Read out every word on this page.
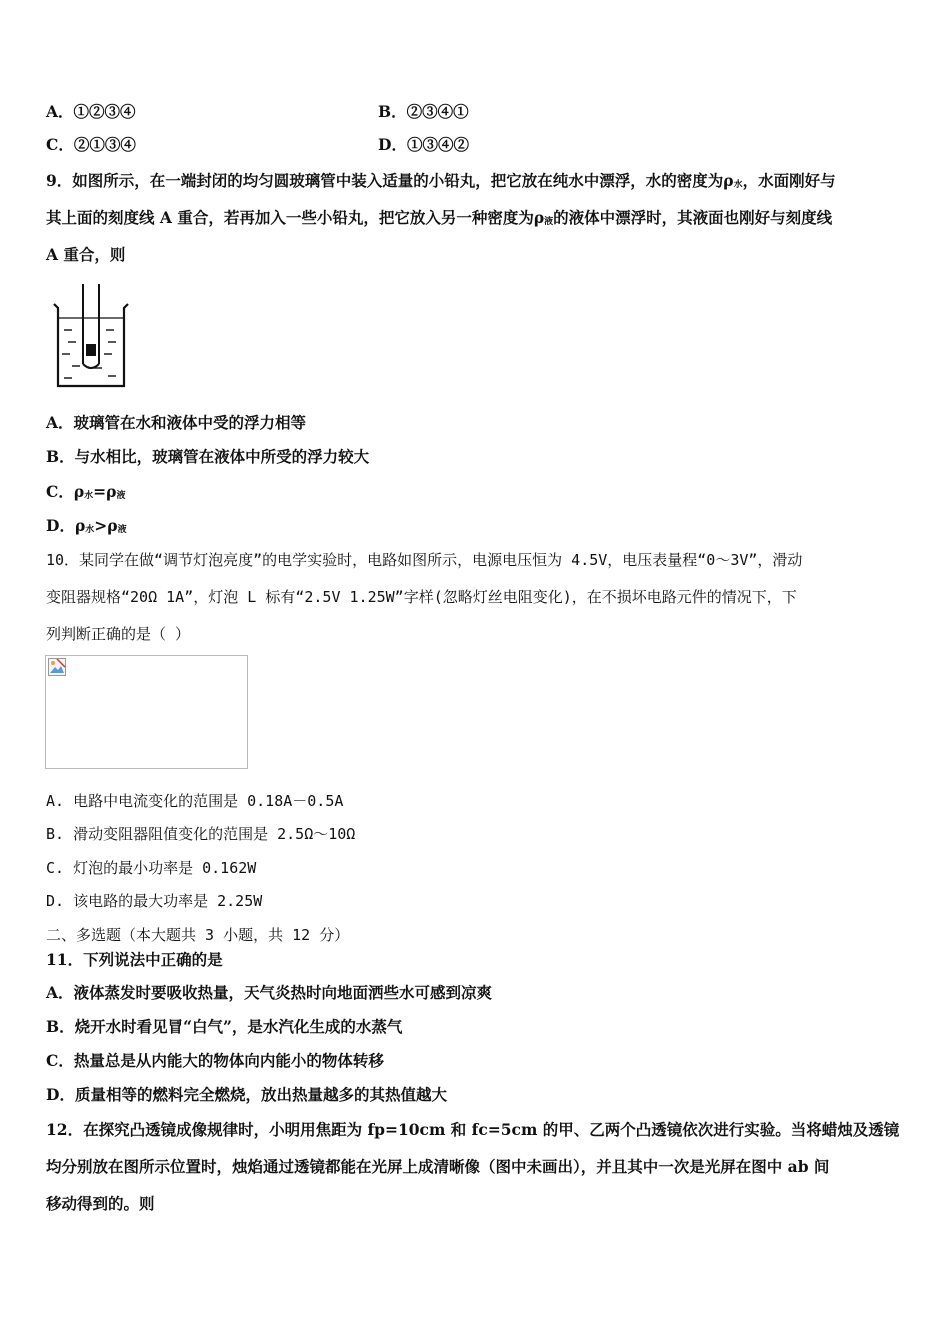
A．①②③④	B．②③④①
C．②①③④	D．①③④②
9．如图所示，在一端封闭的均匀圆玻璃管中装入适量的小铅丸，把它放在纯水中漂浮，水的密度为ρ水，水面刚好与
其上面的刻度线 A 重合，若再加入一些小铅丸，把它放入另一种密度为ρ液的液体中漂浮时，其液面也刚好与刻度线
A 重合，则
A．玻璃管在水和液体中受的浮力相等
B．与水相比，玻璃管在液体中所受的浮力较大
C．ρ水=ρ液
D．ρ水>ρ液
10．某同学在做“调节灯泡亮度”的电学实验时，电路如图所示，电源电压恒为 4.5V，电压表量程“0～3V”，滑动
变阻器规格“20Ω 1A”，灯泡 L 标有“2.5V 1.25W”字样(忽略灯丝电阻变化)，在不损坏电路元件的情况下，下
列判断正确的是（ ）
A. 电路中电流变化的范围是 0.18A－0.5A
B. 滑动变阻器阻值变化的范围是 2.5Ω～10Ω
C. 灯泡的最小功率是 0.162W
D. 该电路的最大功率是 2.25W
二、多选题（本大题共 3 小题，共 12 分）
11．下列说法中正确的是
A．液体蒸发时要吸收热量，天气炎热时向地面洒些水可感到凉爽
B．烧开水时看见冒“白气”，是水汽化生成的水蒸气
C．热量总是从内能大的物体向内能小的物体转移
D．质量相等的燃料完全燃烧，放出热量越多的其热值越大
12．在探究凸透镜成像规律时，小明用焦距为 fp=10cm 和 fc=5cm 的甲、乙两个凸透镜依次进行实验。当将蜡烛及透镜
均分别放在图所示位置时，烛焰通过透镜都能在光屏上成清晰像（图中未画出），并且其中一次是光屏在图中 ab 间
移动得到的。则
